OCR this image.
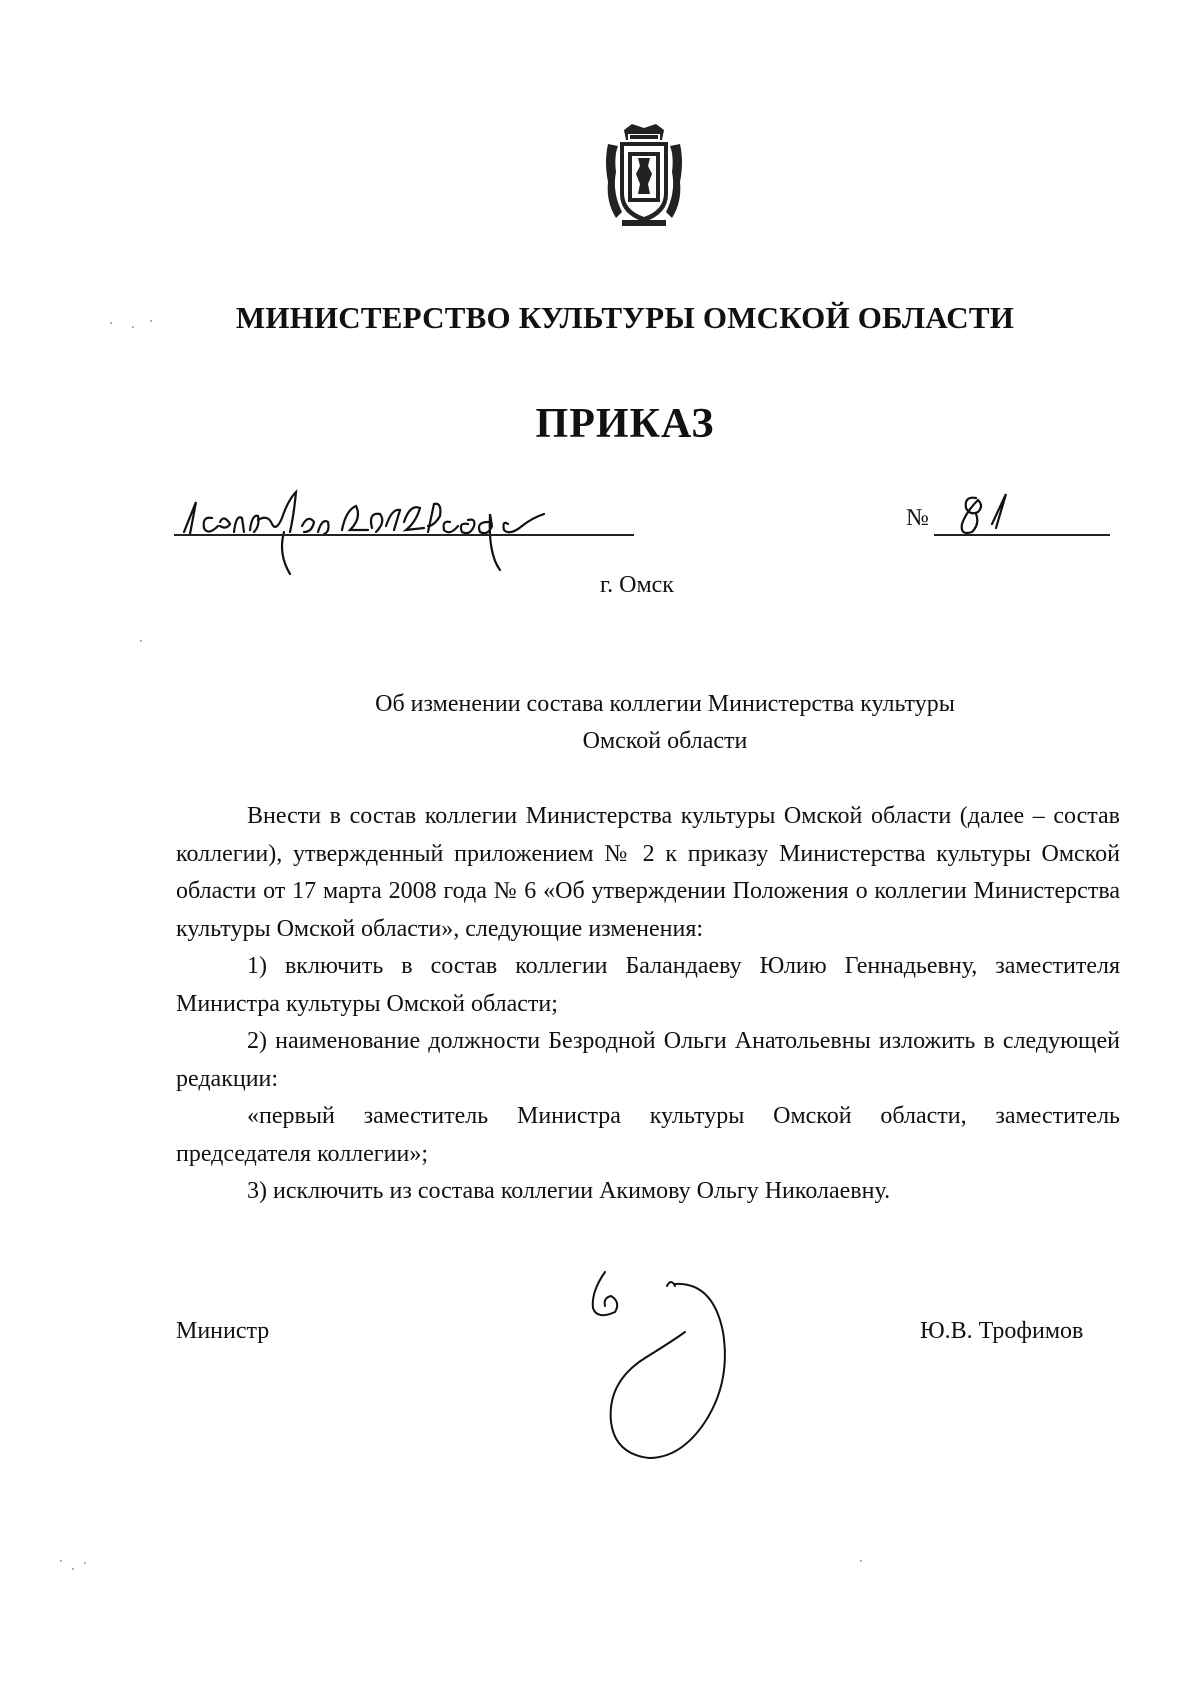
МИНИСТЕРСТВО КУЛЬТУРЫ ОМСКОЙ ОБЛАСТИ
ПРИКАЗ
№
г. Омск
Об изменении состава коллегии Министерства культуры
Омской области

Внести в состав коллегии Министерства культуры Омской области (далее – состав коллегии), утвержденный приложением № 2 к приказу Министерства культуры Омской области от 17 марта 2008 года № 6 «Об утверждении Положения о коллегии Министерства культуры Омской области», следующие изменения:

1) включить в состав коллегии Баландаеву Юлию Геннадьевну, заместителя Министра культуры Омской области;

2) наименование должности Безродной Ольги Анатольевны изложить в следующей редакции:

«первый заместитель Министра культуры Омской области, заместитель председателя коллегии»;

3) исключить из состава коллегии Акимову Ольгу Николаевну.

Министр	Ю.В. Трофимов
